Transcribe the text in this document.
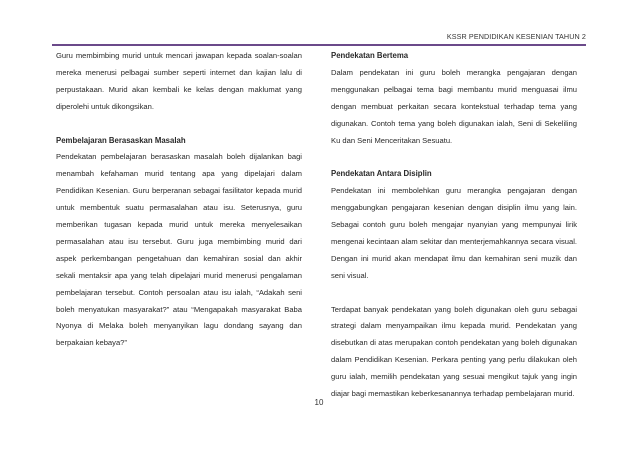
KSSR PENDIDIKAN KESENIAN TAHUN 2

Guru membimbing murid untuk mencari jawapan kepada soalan-soalan mereka menerusi pelbagai sumber seperti internet dan kajian lalu di perpustakaan. Murid akan kembali ke kelas dengan maklumat yang diperolehi untuk dikongsikan.

Pembelajaran Berasaskan Masalah

Pendekatan pembelajaran berasaskan masalah boleh dijalankan bagi menambah kefahaman murid tentang apa yang dipelajari dalam Pendidikan Kesenian. Guru berperanan sebagai fasilitator kepada murid untuk membentuk suatu permasalahan atau isu. Seterusnya, guru memberikan tugasan kepada murid untuk mereka menyelesaikan permasalahan atau isu tersebut. Guru juga membimbing murid dari aspek perkembangan pengetahuan dan kemahiran sosial dan akhir sekali mentaksir apa yang telah dipelajari murid menerusi pengalaman pembelajaran tersebut. Contoh persoalan atau isu ialah, “Adakah seni boleh menyatukan masyarakat?” atau “Mengapakah masyarakat Baba Nyonya di Melaka boleh menyanyikan lagu dondang sayang dan berpakaian kebaya?”

Pendekatan Bertema

Dalam pendekatan ini guru boleh merangka pengajaran dengan menggunakan pelbagai tema bagi membantu murid menguasai ilmu dengan membuat perkaitan secara kontekstual terhadap tema yang digunakan. Contoh tema yang boleh digunakan ialah, Seni di Sekeliling Ku dan Seni Menceritakan Sesuatu.

Pendekatan Antara Disiplin

Pendekatan ini membolehkan guru merangka pengajaran dengan menggabungkan pengajaran kesenian dengan disiplin ilmu yang lain. Sebagai contoh guru boleh mengajar nyanyian yang mempunyai lirik mengenai kecintaan alam sekitar dan menterjemahkannya secara visual. Dengan ini murid akan mendapat ilmu dan kemahiran seni muzik dan seni visual.

Terdapat banyak pendekatan yang boleh digunakan oleh guru sebagai strategi dalam menyampaikan ilmu kepada murid. Pendekatan yang disebutkan di atas merupakan contoh pendekatan yang boleh digunakan dalam Pendidikan Kesenian. Perkara penting yang perlu dilakukan oleh guru ialah, memilih pendekatan yang sesuai mengikut tajuk yang ingin diajar bagi memastikan keberkesanannya terhadap pembelajaran murid.

10
